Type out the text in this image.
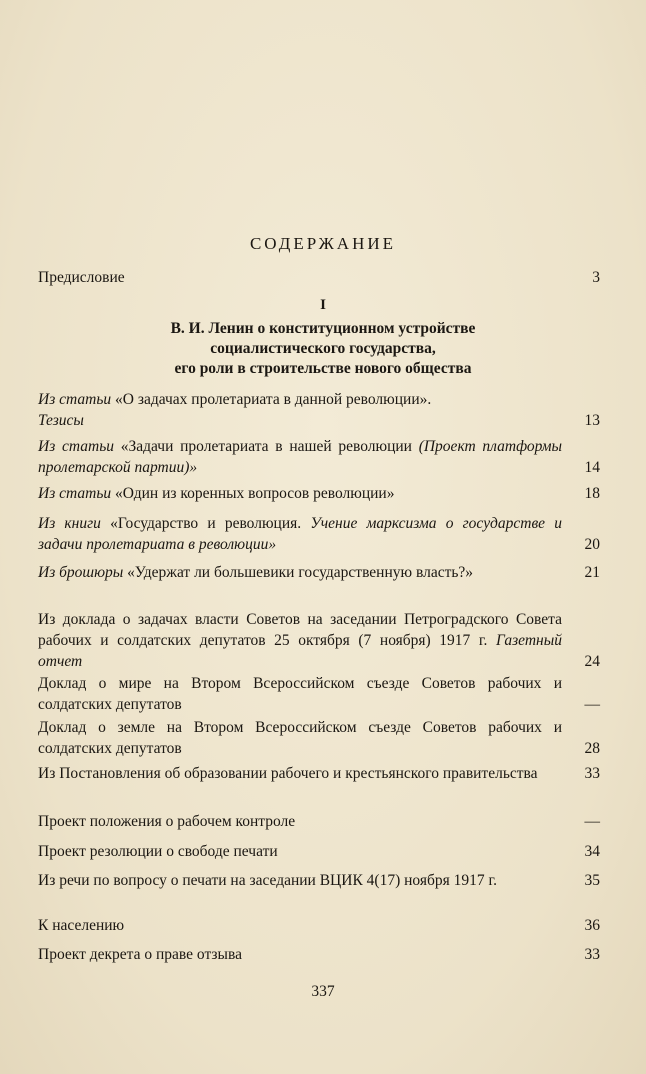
СОДЕРЖАНИЕ
Предисловие	3
I
В. И. Ленин о конституционном устройстве
социалистического государства,
его роли в строительстве нового общества
Из статьи «О задачах пролетариата в данной революции».
Тезисы	13
Из статьи «Задачи пролетариата в нашей революции (Проект платформы пролетарской партии)»	14
Из статьи «Один из коренных вопросов революции»	18
Из книги «Государство и революция. Учение марксизма о государстве и задачи пролетариата в революции»	20
Из брошюры «Удержат ли большевики государственную власть?»	21
Из доклада о задачах власти Советов на заседании Петроградского Совета рабочих и солдатских депутатов 25 октября (7 ноября) 1917 г. Газетный отчет	24
Доклад о мире на Втором Всероссийском съезде Советов рабочих и солдатских депутатов	—
Доклад о земле на Втором Всероссийском съезде Советов рабочих и солдатских депутатов	28
Из Постановления об образовании рабочего и крестьянского правительства	33
Проект положения о рабочем контроле	—
Проект резолюции о свободе печати	34
Из речи по вопросу о печати на заседании ВЦИК 4(17) ноября 1917 г.	35
К населению	36
Проект декрета о праве отзыва	33
337
